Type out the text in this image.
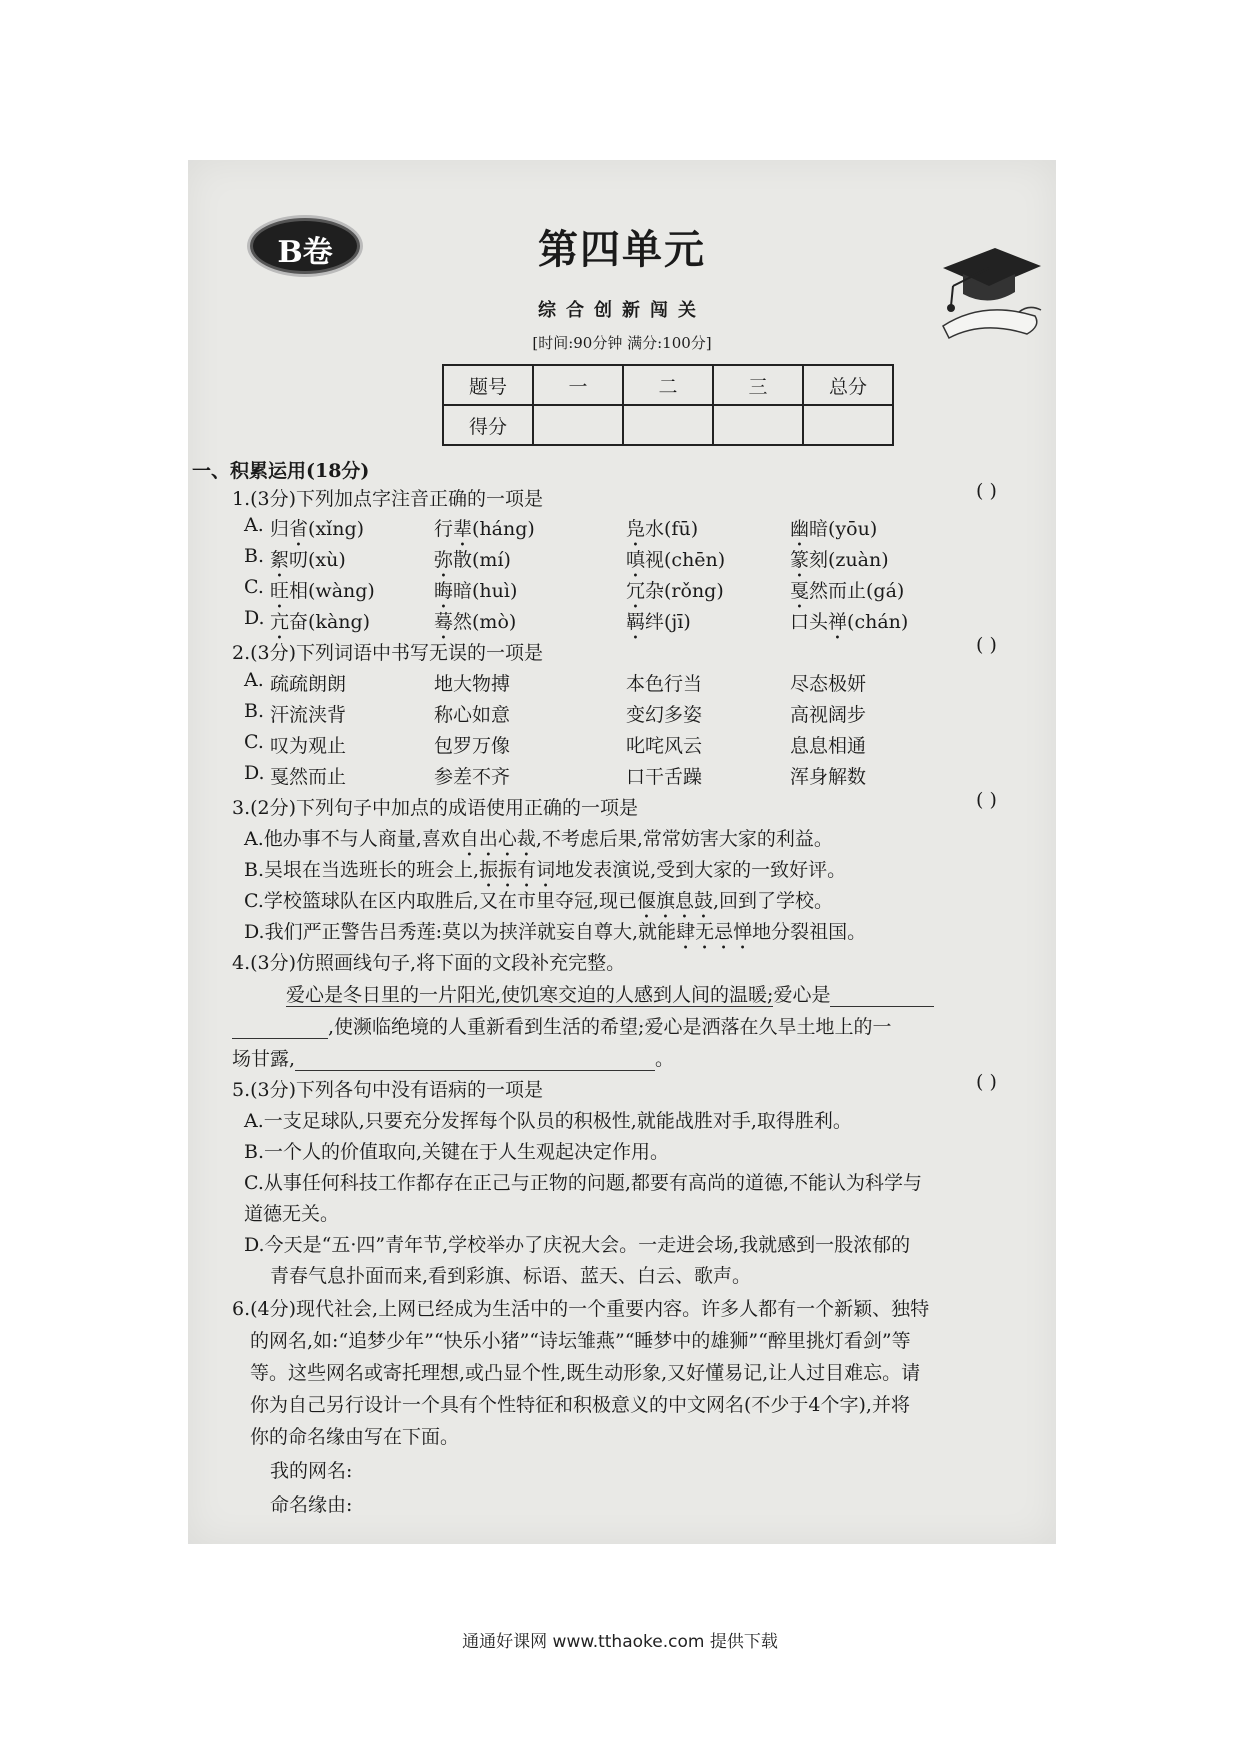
B卷	第四单元
综合创新闯关
[时间:90分钟 满分:100分]
题号	一	二	三	总分
得分				
一、积累运用(18分)
1.(3分)下列加点字注音正确的一项是	( )
A. 归省(xǐng)	行辈(háng)	凫水(fū)	幽暗(yōu)
B. 絮叨(xù)	弥散(mí)	嗔视(chēn)	篆刻(zuàn)
C. 旺相(wàng)	晦暗(huì)	冗杂(rǒng)	戛然而止(gá)
D. 亢奋(kàng)	蓦然(mò)	羁绊(jī)	口头禅(chán)
2.(3分)下列词语中书写无误的一项是	( )
A. 疏疏朗朗	地大物搏	本色行当	尽态极妍
B. 汗流浃背	称心如意	变幻多姿	高视阔步
C. 叹为观止	包罗万像	叱咤风云	息息相通
D. 戛然而止	参差不齐	口干舌躁	浑身解数
3.(2分)下列句子中加点的成语使用正确的一项是	( )
A.他办事不与人商量,喜欢自出心裁,不考虑后果,常常妨害大家的利益。
B.吴垠在当选班长的班会上,振振有词地发表演说,受到大家的一致好评。
C.学校篮球队在区内取胜后,又在市里夺冠,现已偃旗息鼓,回到了学校。
D.我们严正警告吕秀莲:莫以为挟洋就妄自尊大,就能肆无忌惮地分裂祖国。
4.(3分)仿照画线句子,将下面的文段补充完整。
爱心是冬日里的一片阳光,使饥寒交迫的人感到人间的温暖;爱心是
,使濒临绝境的人重新看到生活的希望;爱心是洒落在久旱土地上的一
场甘露,	。
5.(3分)下列各句中没有语病的一项是	( )
A.一支足球队,只要充分发挥每个队员的积极性,就能战胜对手,取得胜利。
B.一个人的价值取向,关键在于人生观起决定作用。
C.从事任何科技工作都存在正己与正物的问题,都要有高尚的道德,不能认为科学与
道德无关。
D.今天是“五·四”青年节,学校举办了庆祝大会。一走进会场,我就感到一股浓郁的
青春气息扑面而来,看到彩旗、标语、蓝天、白云、歌声。
6.(4分)现代社会,上网已经成为生活中的一个重要内容。许多人都有一个新颖、独特
的网名,如:“追梦少年”“快乐小猪”“诗坛雏燕”“睡梦中的雄狮”“醉里挑灯看剑”等
等。这些网名或寄托理想,或凸显个性,既生动形象,又好懂易记,让人过目难忘。请
你为自己另行设计一个具有个性特征和积极意义的中文网名(不少于4个字),并将
你的命名缘由写在下面。
我的网名:
命名缘由:
通通好课网 www.tthaoke.com 提供下载
